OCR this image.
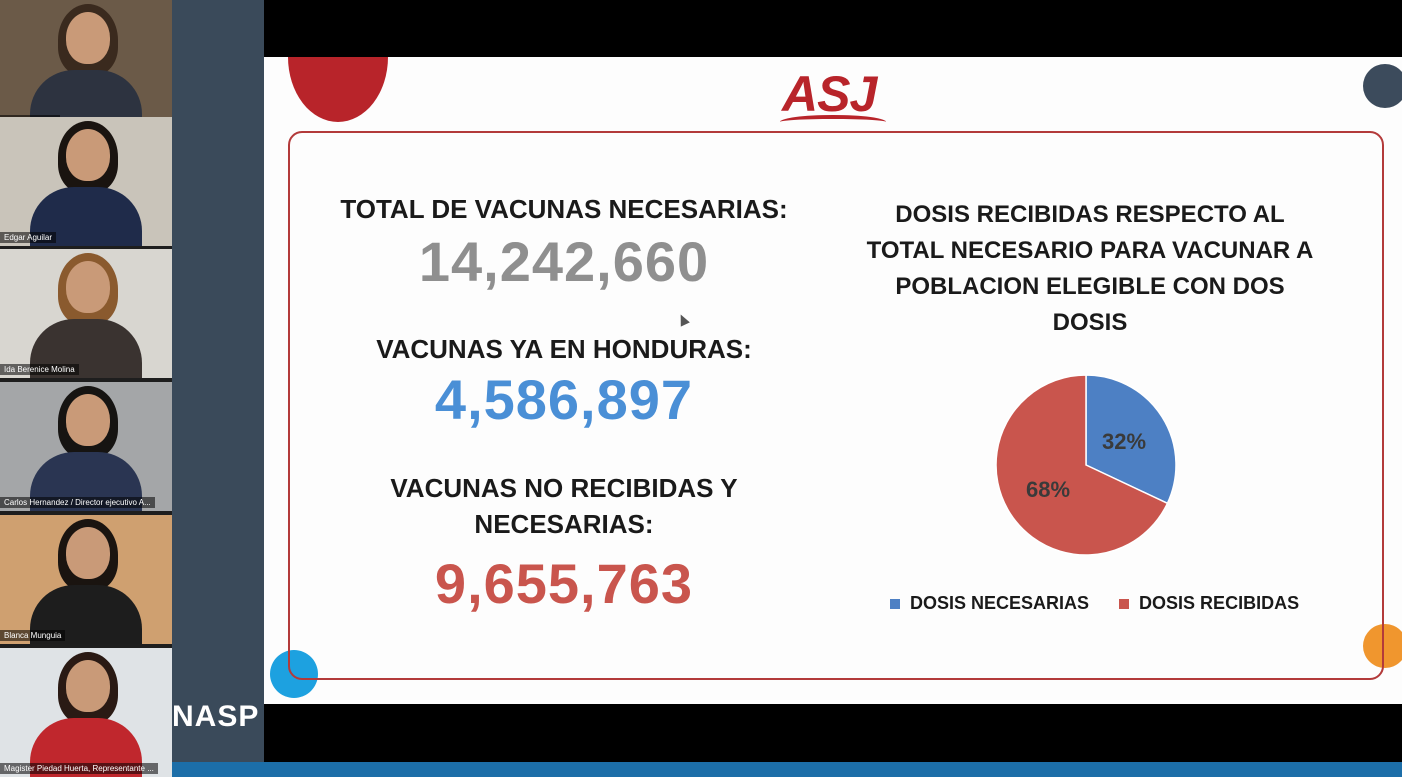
Edgar Aguilar
Ida Berenice Molina
Carlos Hernandez / Director ejecutivo A...
Blanca Munguia
Magister Piedad Huerta, Representante ...
NASP
ASJ
TOTAL DE VACUNAS NECESARIAS:
14,242,660
VACUNAS YA EN HONDURAS:
4,586,897
VACUNAS NO RECIBIDAS Y NECESARIAS:
9,655,763
DOSIS RECIBIDAS RESPECTO AL TOTAL NECESARIO PARA VACUNAR A POBLACION ELEGIBLE CON DOS DOSIS
32%
68%
DOSIS NECESARIAS	DOSIS RECIBIDAS
